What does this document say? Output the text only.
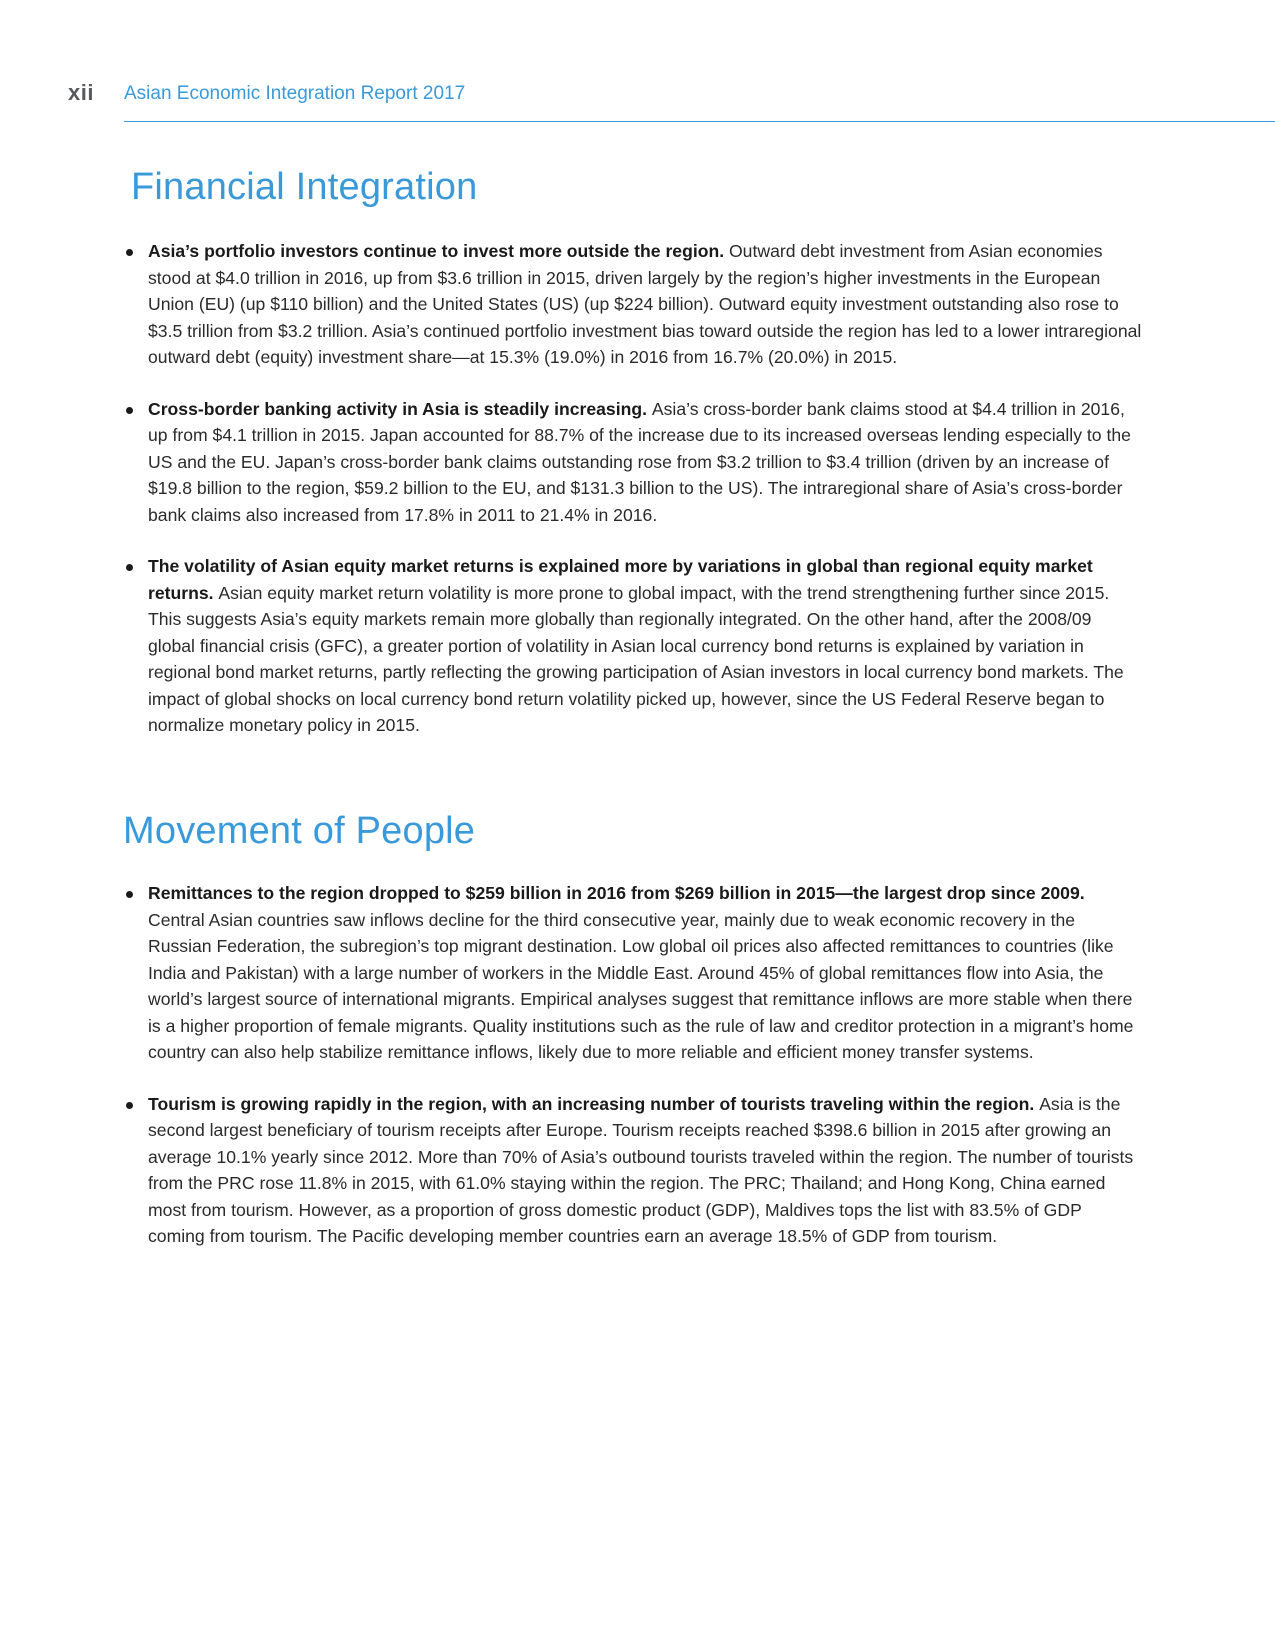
xii Asian Economic Integration Report 2017
Financial Integration
Asia’s portfolio investors continue to invest more outside the region. Outward debt investment from Asian economies stood at $4.0 trillion in 2016, up from $3.6 trillion in 2015, driven largely by the region’s higher investments in the European Union (EU) (up $110 billion) and the United States (US) (up $224 billion). Outward equity investment outstanding also rose to $3.5 trillion from $3.2 trillion. Asia’s continued portfolio investment bias toward outside the region has led to a lower intraregional outward debt (equity) investment share—at 15.3% (19.0%) in 2016 from 16.7% (20.0%) in 2015.
Cross-border banking activity in Asia is steadily increasing. Asia’s cross-border bank claims stood at $4.4 trillion in 2016, up from $4.1 trillion in 2015. Japan accounted for 88.7% of the increase due to its increased overseas lending especially to the US and the EU. Japan’s cross-border bank claims outstanding rose from $3.2 trillion to $3.4 trillion (driven by an increase of $19.8 billion to the region, $59.2 billion to the EU, and $131.3 billion to the US). The intraregional share of Asia’s cross-border bank claims also increased from 17.8% in 2011 to 21.4% in 2016.
The volatility of Asian equity market returns is explained more by variations in global than regional equity market returns. Asian equity market return volatility is more prone to global impact, with the trend strengthening further since 2015. This suggests Asia’s equity markets remain more globally than regionally integrated. On the other hand, after the 2008/09 global financial crisis (GFC), a greater portion of volatility in Asian local currency bond returns is explained by variation in regional bond market returns, partly reflecting the growing participation of Asian investors in local currency bond markets. The impact of global shocks on local currency bond return volatility picked up, however, since the US Federal Reserve began to normalize monetary policy in 2015.
Movement of People
Remittances to the region dropped to $259 billion in 2016 from $269 billion in 2015—the largest drop since 2009. Central Asian countries saw inflows decline for the third consecutive year, mainly due to weak economic recovery in the Russian Federation, the subregion’s top migrant destination. Low global oil prices also affected remittances to countries (like India and Pakistan) with a large number of workers in the Middle East. Around 45% of global remittances flow into Asia, the world’s largest source of international migrants. Empirical analyses suggest that remittance inflows are more stable when there is a higher proportion of female migrants. Quality institutions such as the rule of law and creditor protection in a migrant’s home country can also help stabilize remittance inflows, likely due to more reliable and efficient money transfer systems.
Tourism is growing rapidly in the region, with an increasing number of tourists traveling within the region. Asia is the second largest beneficiary of tourism receipts after Europe. Tourism receipts reached $398.6 billion in 2015 after growing an average 10.1% yearly since 2012. More than 70% of Asia’s outbound tourists traveled within the region. The number of tourists from the PRC rose 11.8% in 2015, with 61.0% staying within the region. The PRC; Thailand; and Hong Kong, China earned most from tourism. However, as a proportion of gross domestic product (GDP), Maldives tops the list with 83.5% of GDP coming from tourism. The Pacific developing member countries earn an average 18.5% of GDP from tourism.
